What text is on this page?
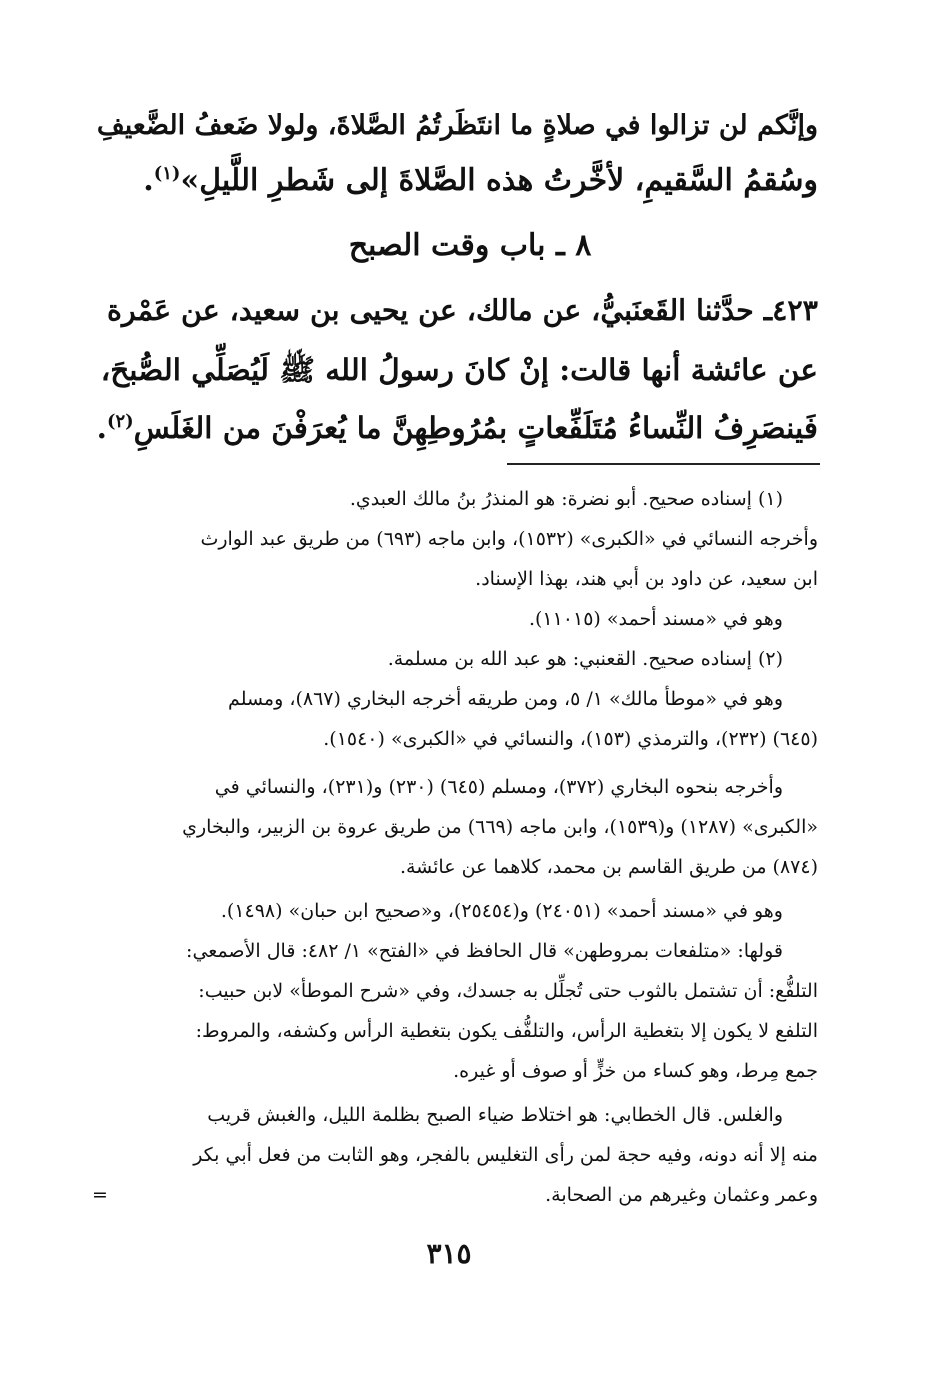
وإنَّكم لن تزالوا في صلاةٍ ما انتَظَرتُمُ الصَّلاةَ، ولولا ضَعفُ الضَّعيفِ
وسُقمُ السَّقيمِ، لأخَّرتُ هذه الصَّلاةَ إلى شَطرِ اللَّيلِ»$^{(١)}$.
٨ ـ باب وقت الصبح
٤٢٣ـ حدَّثنا القَعنَبيُّ، عن مالك، عن يحيى بن سعيد، عن عَمْرة
عن عائشة أنها قالت: إنْ كانَ رسولُ الله ﷺ لَيُصَلِّي الصُّبحَ،
فَينصَرِفُ النِّساءُ مُتَلَفِّعاتٍ بمُرُوطِهِنَّ ما يُعرَفْنَ من الغَلَسِ$^{(٢)}$.
(١) إسناده صحيح. أبو نضرة: هو المنذرُ بنُ مالك العبدي.
وأخرجه النسائي في «الكبرى» (١٥٣٢)، وابن ماجه (٦٩٣) من طريق عبد الوارث
ابن سعيد، عن داود بن أبي هند، بهذا الإسناد.
وهو في «مسند أحمد» (١١٠١٥).
(٢) إسناده صحيح. القعنبي: هو عبد الله بن مسلمة.
وهو في «موطأ مالك» ١/ ٥، ومن طريقه أخرجه البخاري (٨٦٧)، ومسلم
(٦٤٥) (٢٣٢)، والترمذي (١٥٣)، والنسائي في «الكبرى» (١٥٤٠).
وأخرجه بنحوه البخاري (٣٧٢)، ومسلم (٦٤٥) (٢٣٠) و(٢٣١)، والنسائي في
«الكبرى» (١٢٨٧) و(١٥٣٩)، وابن ماجه (٦٦٩) من طريق عروة بن الزبير، والبخاري
(٨٧٤) من طريق القاسم بن محمد، كلاهما عن عائشة.
وهو في «مسند أحمد» (٢٤٠٥١) و(٢٥٤٥٤)، و«صحيح ابن حبان» (١٤٩٨).
قولها: «متلفعات بمروطهن» قال الحافظ في «الفتح» ١/ ٤٨٢: قال الأصمعي:
التلفُّع: أن تشتمل بالثوب حتى تُجلِّل به جسدك، وفي «شرح الموطأ» لابن حبيب:
التلفع لا يكون إلا بتغطية الرأس، والتلفُّف يكون بتغطية الرأس وكشفه، والمروط:
جمع مِرط، وهو كساء من خزٍّ أو صوف أو غيره.
والغلس. قال الخطابي: هو اختلاط ضياء الصبح بظلمة الليل، والغبش قريب
منه إلا أنه دونه، وفيه حجة لمن رأى التغليس بالفجر، وهو الثابت من فعل أبي بكر
وعمر وعثمان وغيرهم من الصحابة.
=
٣١٥
